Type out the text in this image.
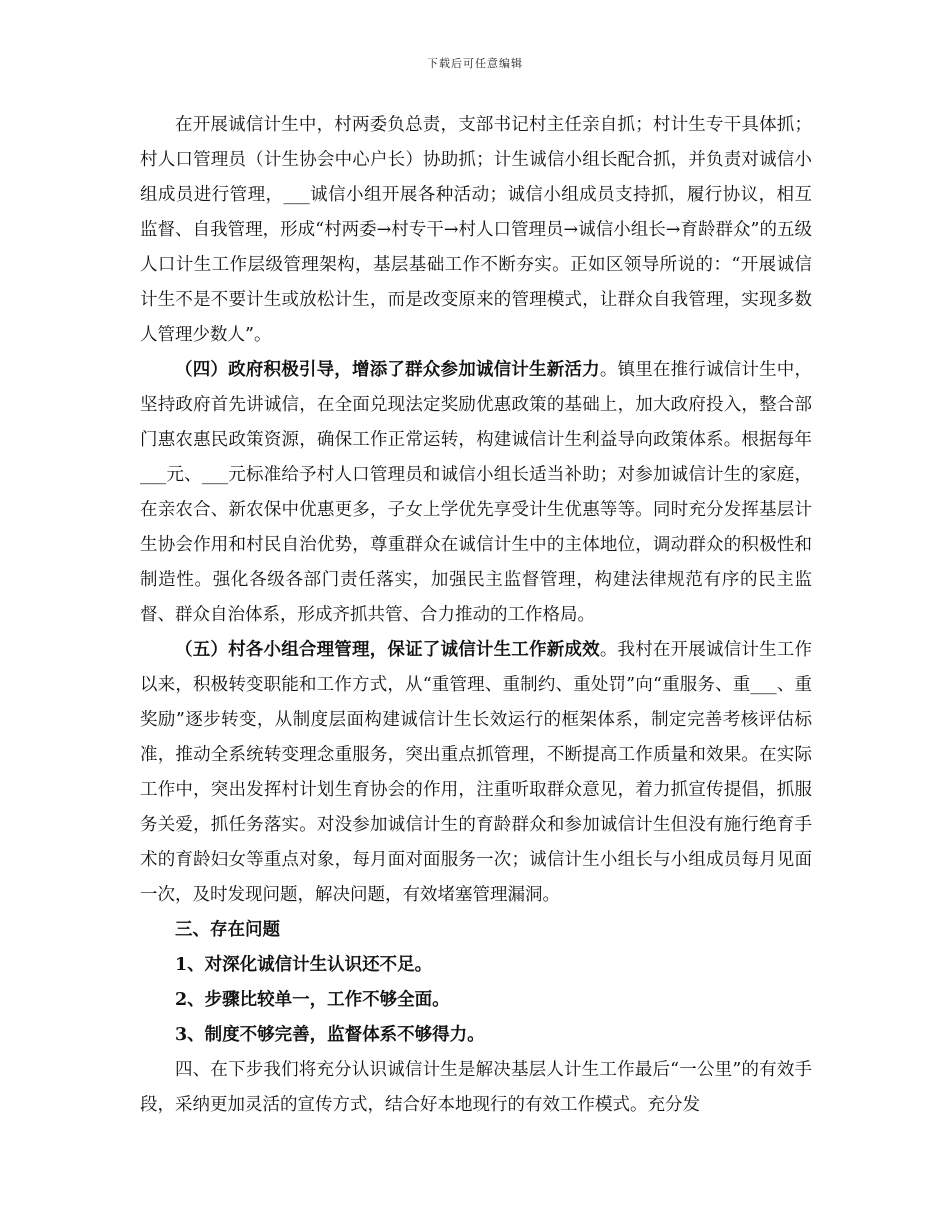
下载后可任意编辑

在开展诚信计生中，村两委负总责，支部书记村主任亲自抓；村计生专干具体抓；村人口管理员（计生协会中心户长）协助抓；计生诚信小组长配合抓，并负责对诚信小组成员进行管理，___诚信小组开展各种活动；诚信小组成员支持抓，履行协议，相互监督、自我管理，形成“村两委→村专干→村人口管理员→诚信小组长→育龄群众”的五级人口计生工作层级管理架构，基层基础工作不断夯实。正如区领导所说的：“开展诚信计生不是不要计生或放松计生，而是改变原来的管理模式，让群众自我管理，实现多数人管理少数人”。

（四）政府积极引导，增添了群众参加诚信计生新活力。镇里在推行诚信计生中，坚持政府首先讲诚信，在全面兑现法定奖励优惠政策的基础上，加大政府投入，整合部门惠农惠民政策资源，确保工作正常运转，构建诚信计生利益导向政策体系。根据每年___元、___元标准给予村人口管理员和诚信小组长适当补助；对参加诚信计生的家庭，在亲农合、新农保中优惠更多，子女上学优先享受计生优惠等等。同时充分发挥基层计生协会作用和村民自治优势，尊重群众在诚信计生中的主体地位，调动群众的积极性和制造性。强化各级各部门责任落实，加强民主监督管理，构建法律规范有序的民主监督、群众自治体系，形成齐抓共管、合力推动的工作格局。

（五）村各小组合理管理，保证了诚信计生工作新成效。我村在开展诚信计生工作以来，积极转变职能和工作方式，从“重管理、重制约、重处罚”向“重服务、重___、重奖励”逐步转变，从制度层面构建诚信计生长效运行的框架体系，制定完善考核评估标准，推动全系统转变理念重服务，突出重点抓管理，不断提高工作质量和效果。在实际工作中，突出发挥村计划生育协会的作用，注重听取群众意见，着力抓宣传提倡，抓服务关爱，抓任务落实。对没参加诚信计生的育龄群众和参加诚信计生但没有施行绝育手术的育龄妇女等重点对象，每月面对面服务一次；诚信计生小组长与小组成员每月见面一次，及时发现问题，解决问题，有效堵塞管理漏洞。

三、存在问题

1、对深化诚信计生认识还不足。

2、步骤比较单一，工作不够全面。

3、制度不够完善，监督体系不够得力。

四、在下步我们将充分认识诚信计生是解决基层人计生工作最后“一公里”的有效手段，采纳更加灵活的宣传方式，结合好本地现行的有效工作模式。充分发
